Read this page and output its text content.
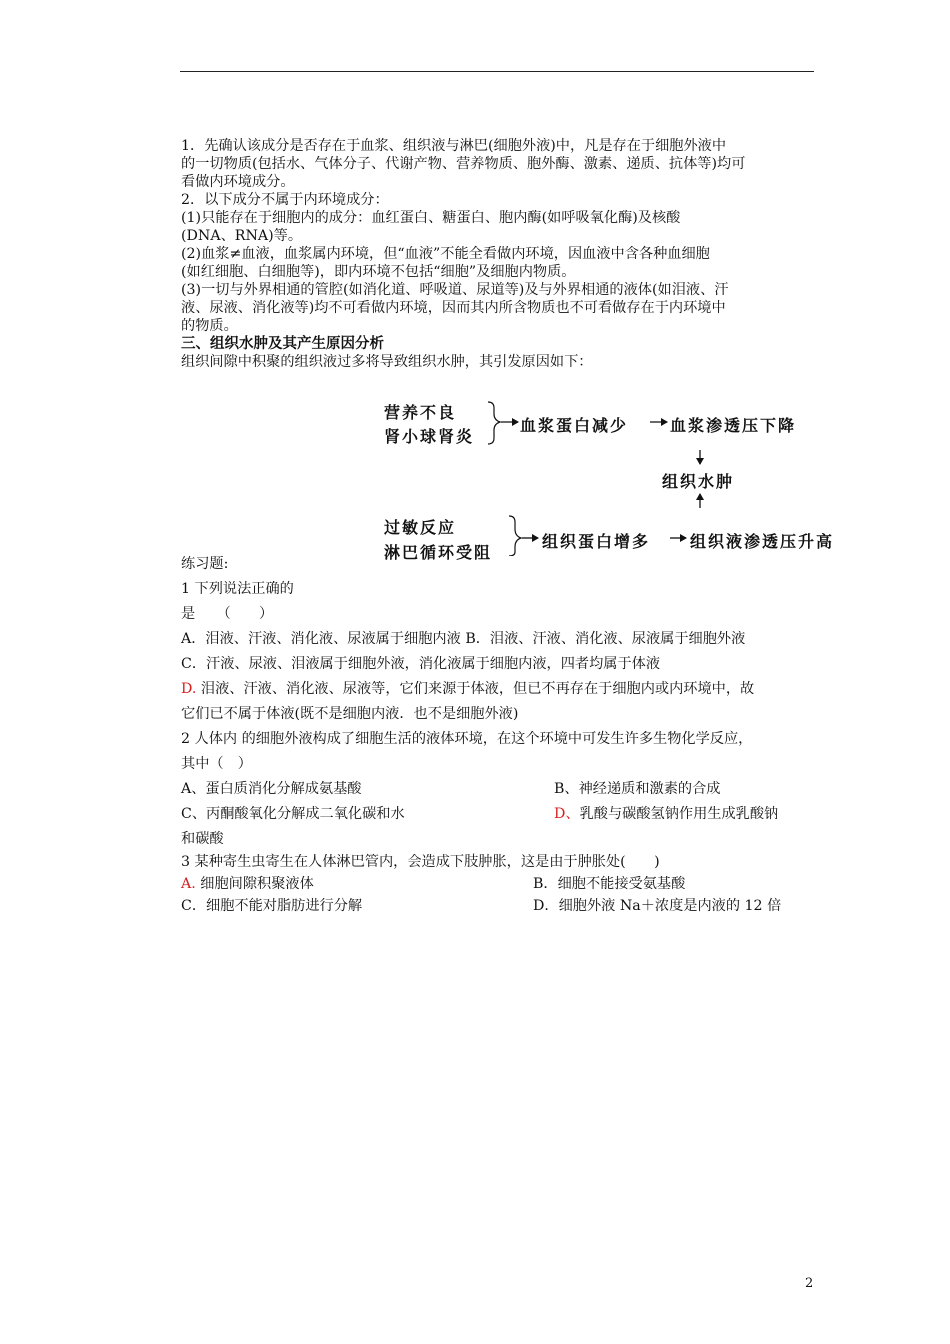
1．先确认该成分是否存在于血浆、组织液与淋巴(细胞外液)中，凡是存在于细胞外液中
的一切物质(包括水、气体分子、代谢产物、营养物质、胞外酶、激素、递质、抗体等)均可
看做内环境成分。
2．以下成分不属于内环境成分：
(1)只能存在于细胞内的成分：血红蛋白、糖蛋白、胞内酶(如呼吸氧化酶)及核酸
(DNA、RNA)等。
(2)血浆≠血液，血浆属内环境，但“血液”不能全看做内环境，因血液中含各种血细胞
(如红细胞、白细胞等)，即内环境不包括“细胞”及细胞内物质。
(3)一切与外界相通的管腔(如消化道、呼吸道、尿道等)及与外界相通的液体(如泪液、汗
液、尿液、消化液等)均不可看做内环境，因而其内所含物质也不可看做存在于内环境中
的物质。
三、组织水肿及其产生原因分析
组织间隙中积聚的组织液过多将导致组织水肿，其引发原因如下：
营养不良
肾小球肾炎
血浆蛋白减少	血浆渗透压下降
组织水肿
过敏反应
淋巴循环受阻
组织蛋白增多 组织液渗透压升高
练习题:
1 下列说法正确的
是　　（　　）
A．泪液、汗液、消化液、尿液属于细胞内液 B．泪液、汗液、消化液、尿液属于细胞外液
C．汗液、尿液、泪液属于细胞外液，消化液属于细胞内液，四者均属于体液
D. 泪液、汗液、消化液、尿液等，它们来源于体液，但已不再存在于细胞内或内环境中，故
它们已不属于体液(既不是细胞内液．也不是细胞外液)
2 人体内 的细胞外液构成了细胞生活的液体环境，在这个环境中可发生许多生物化学反应，
其中（　）
A、蛋白质消化分解成氨基酸	B、神经递质和激素的合成
C、丙酮酸氧化分解成二氧化碳和水	D、乳酸与碳酸氢钠作用生成乳酸钠
和碳酸
3 某种寄生虫寄生在人体淋巴管内，会造成下肢肿胀，这是由于肿胀处(　　)
A. 细胞间隙积聚液体	B．细胞不能接受氨基酸
C．细胞不能对脂肪进行分解	D．细胞外液 Na＋浓度是内液的 12 倍
2
